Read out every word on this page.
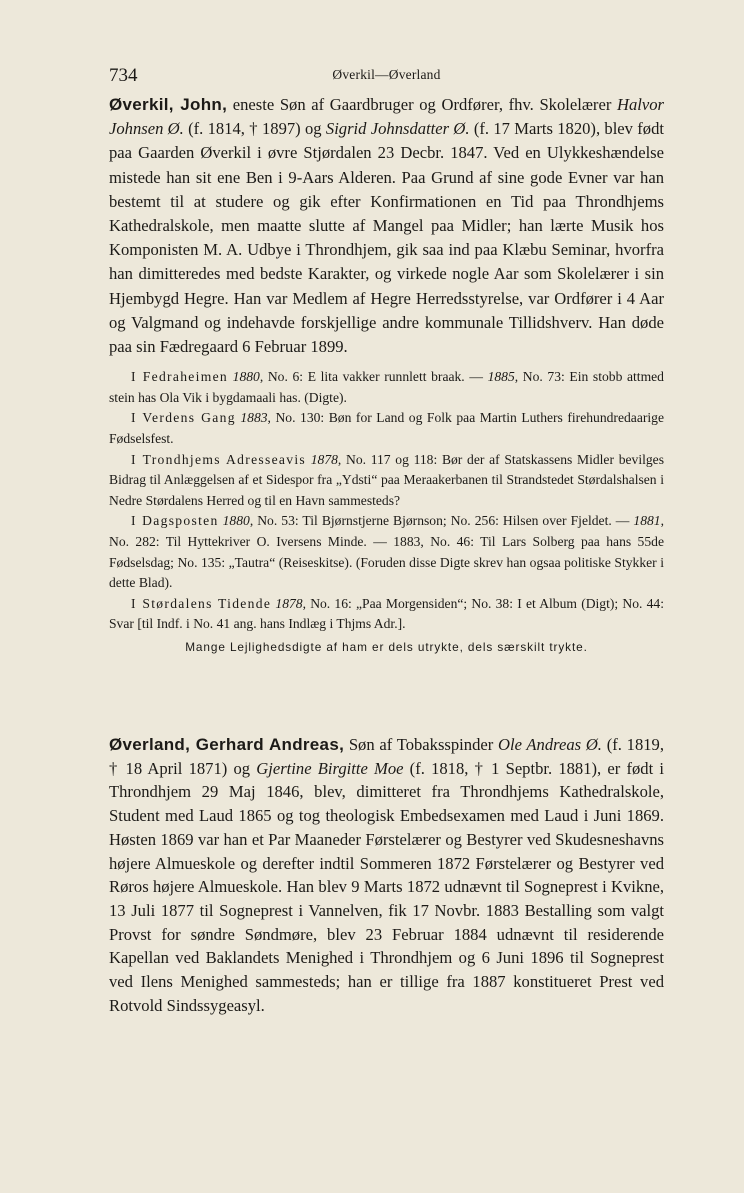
734	Øverkil—Øverland
Øverkil, John, eneste Søn af Gaardbruger og Ordfører, fhv. Skolelærer Halvor Johnsen Ø. (f. 1814, † 1897) og Sigrid Johnsdatter Ø. (f. 17 Marts 1820), blev født paa Gaarden Øverkil i øvre Stjørdalen 23 Decbr. 1847. Ved en Ulykkeshændelse mistede han sit ene Ben i 9-Aars Alderen. Paa Grund af sine gode Evner var han bestemt til at studere og gik efter Konfirmationen en Tid paa Throndhjems Kathedralskole, men maatte slutte af Mangel paa Midler; han lærte Musik hos Komponisten M. A. Udbye i Throndhjem, gik saa ind paa Klæbu Seminar, hvorfra han dimitteredes med bedste Karakter, og virkede nogle Aar som Skolelærer i sin Hjembygd Hegre. Han var Medlem af Hegre Herredsstyrelse, var Ordfører i 4 Aar og Valgmand og indehavde forskjellige andre kommunale Tillidshverv. Han døde paa sin Fædregaard 6 Februar 1899.

I Fedraheimen 1880, No. 6: E lita vakker runnlett braak. — 1885, No. 73: Ein stobb attmed stein has Ola Vik i bygdamaali has. (Digte).

I Verdens Gang 1883, No. 130: Bøn for Land og Folk paa Martin Luthers firehundredaarige Fødselsfest.

I Trondhjems Adresseavis 1878, No. 117 og 118: Bør der af Statskassens Midler bevilges Bidrag til Anlæggelsen af et Sidespor fra „Ydsti“ paa Meraakerbanen til Strandstedet Størdalshalsen i Nedre Størdalens Herred og til en Havn sammesteds?

I Dagsposten 1880, No. 53: Til Bjørnstjerne Bjørnson; No. 256: Hilsen over Fjeldet. — 1881, No. 282: Til Hyttekriver O. Iversens Minde. — 1883, No. 46: Til Lars Solberg paa hans 55de Fødselsdag; No. 135: „Tautra“ (Reiseskitse). (Foruden disse Digte skrev han ogsaa politiske Stykker i dette Blad).

I Størdalens Tidende 1878, No. 16: „Paa Morgensiden“; No. 38: I et Album (Digt); No. 44: Svar [til Indf. i No. 41 ang. hans Indlæg i Thjms Adr.].

Mange Lejlighedsdigte af ham er dels utrykte, dels særskilt trykte.
Øverland, Gerhard Andreas, Søn af Tobaksspinder Ole Andreas Ø. (f. 1819, † 18 April 1871) og Gjertine Birgitte Moe (f. 1818, † 1 Septbr. 1881), er født i Throndhjem 29 Maj 1846, blev, dimitteret fra Throndhjems Kathedralskole, Student med Laud 1865 og tog theologisk Embedsexamen med Laud i Juni 1869. Høsten 1869 var han et Par Maaneder Førstelærer og Bestyrer ved Skudesneshavns højere Almueskole og derefter indtil Sommeren 1872 Førstelærer og Bestyrer ved Røros højere Almueskole. Han blev 9 Marts 1872 udnævnt til Sogneprest i Kvikne, 13 Juli 1877 til Sogneprest i Vannelven, fik 17 Novbr. 1883 Bestalling som valgt Provst for søndre Søndmøre, blev 23 Februar 1884 udnævnt til residerende Kapellan ved Baklandets Menighed i Throndhjem og 6 Juni 1896 til Sogneprest ved Ilens Menighed sammesteds; han er tillige fra 1887 konstitueret Prest ved Rotvold Sindssygeasyl.
